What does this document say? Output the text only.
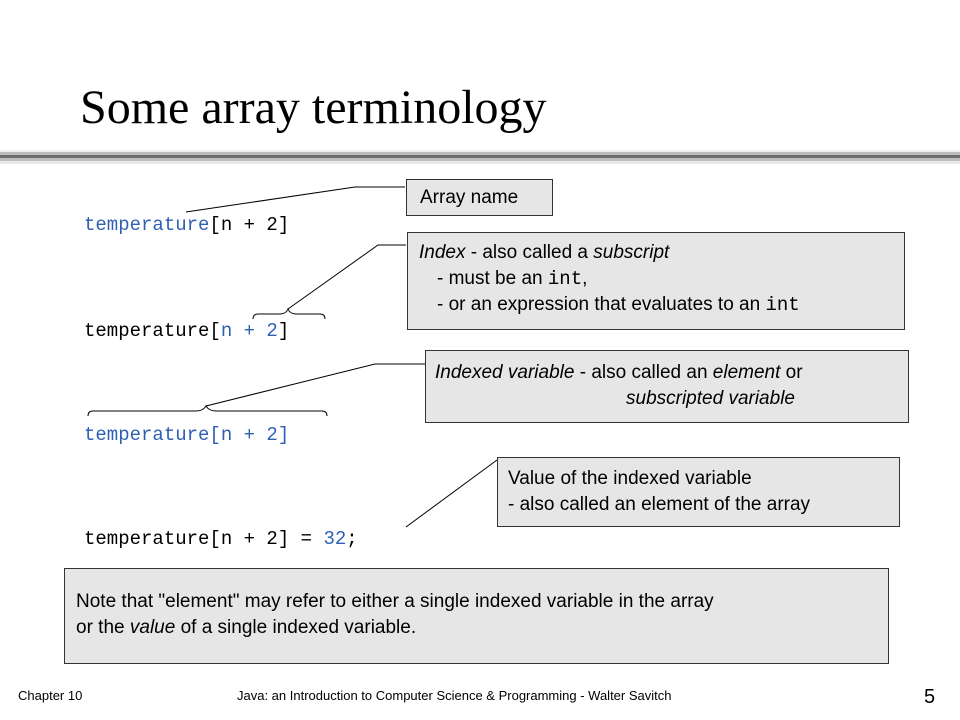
Some array terminology
temperature[n + 2]
temperature[n + 2]
temperature[n + 2]
temperature[n + 2] = 32;
Array name
Index - also called a subscript
- must be an int,
- or an expression that evaluates to an int
Indexed variable - also called an element or
subscripted variable
Value of the indexed variable
- also called an element of the array
Note that "element" may refer to either a single indexed variable in the array
or the value of a single indexed variable.
Chapter 10	Java: an Introduction to Computer Science & Programming - Walter Savitch	5
